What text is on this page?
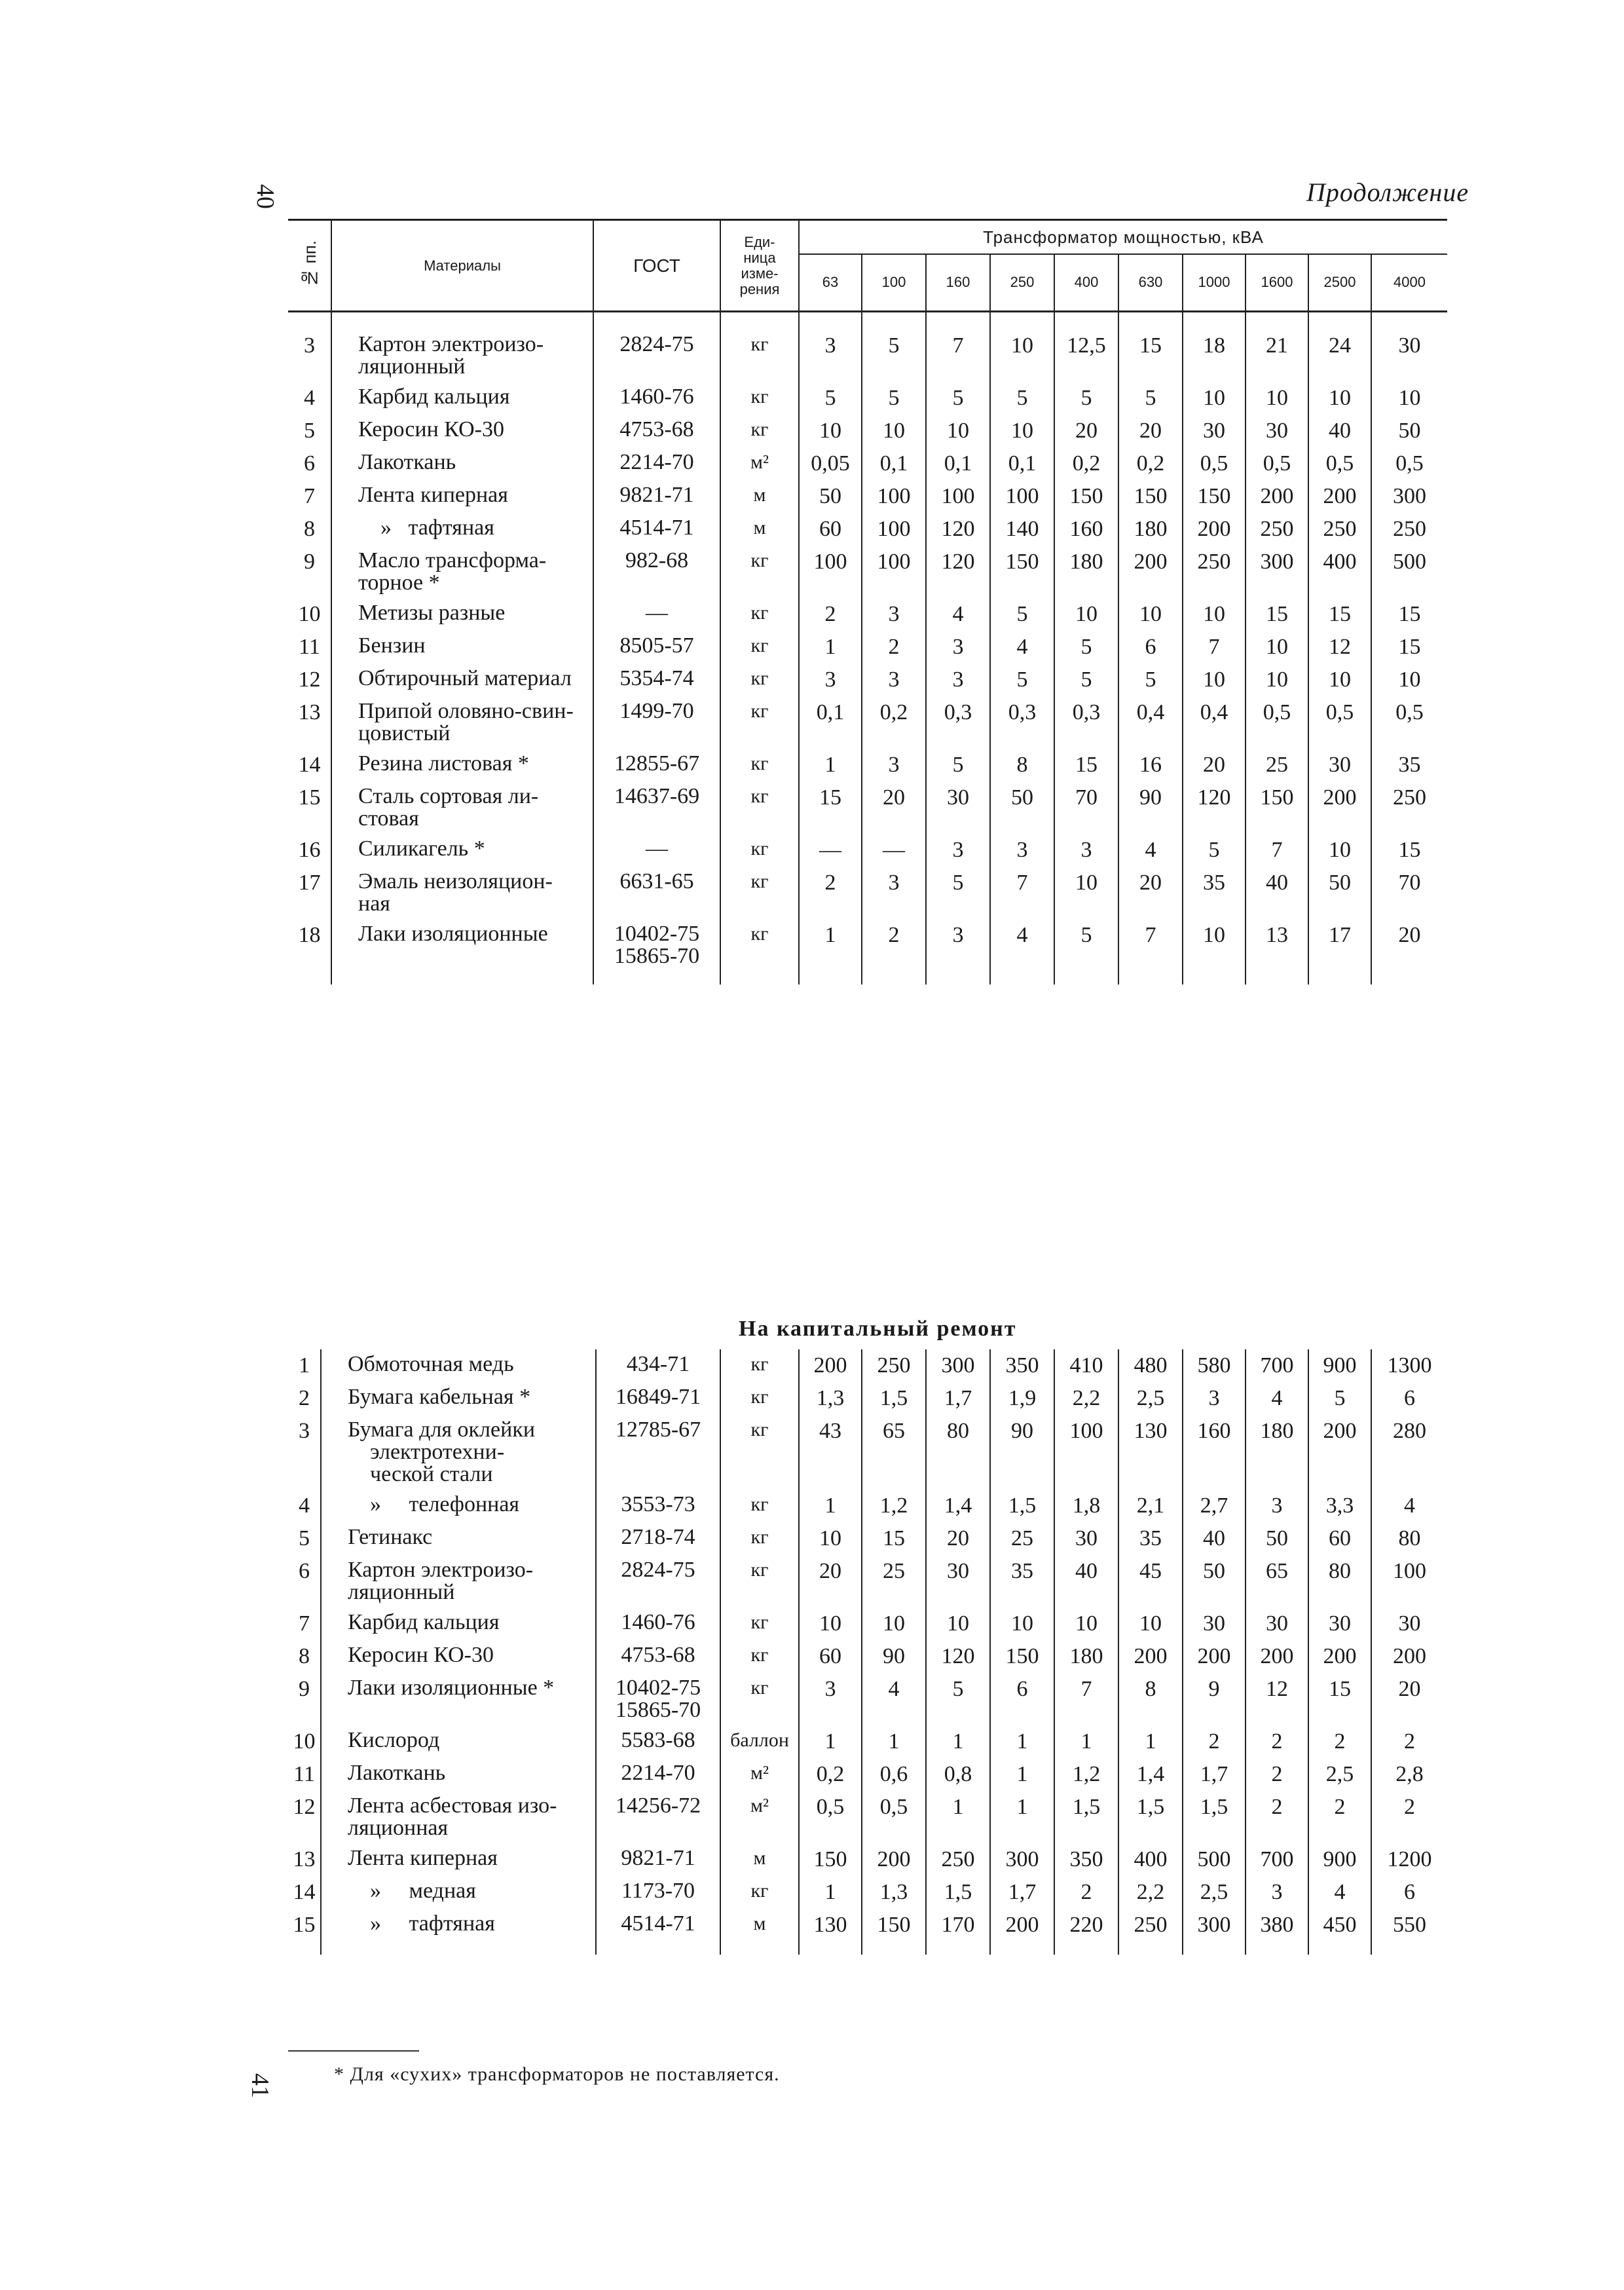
40	Продолжение
№ пп.	Материалы	ГОСТ	Еди-
ница
изме-
рения	Трансформатор мощностью, кВА									
				63	100	160	250	400	630	1000	1600	2500	4000

3	Картон электроизо-
ляционный	2824-75	кг	3	5	7	10	12,5	15	18	21	24	30
4	Карбид кальция	1460-76	кг	5	5	5	5	5	5	10	10	10	10
5	Керосин КО-30	4753-68	кг	10	10	10	10	20	20	30	30	40	50
6	Лакоткань	2214-70	м²	0,05	0,1	0,1	0,1	0,2	0,2	0,5	0,5	0,5	0,5
7	Лента киперная	9821-71	м	50	100	100	100	150	150	150	200	200	300
8	»   тафтяная	4514-71	м	60	100	120	140	160	180	200	250	250	250
9	Масло трансформа-
торное *	982-68	кг	100	100	120	150	180	200	250	300	400	500
10	Метизы разные	—	кг	2	3	4	5	10	10	10	15	15	15
11	Бензин	8505-57	кг	1	2	3	4	5	6	7	10	12	15
12	Обтирочный материал	5354-74	кг	3	3	3	5	5	5	10	10	10	10
13	Припой оловяно-свин-
цовистый	1499-70	кг	0,1	0,2	0,3	0,3	0,3	0,4	0,4	0,5	0,5	0,5
14	Резина листовая *	12855-67	кг	1	3	5	8	15	16	20	25	30	35
15	Сталь сортовая ли-
стовая	14637-69	кг	15	20	30	50	70	90	120	150	200	250
16	Силикагель *	—	кг	—	—	3	3	3	4	5	7	10	15
17	Эмаль неизоляцион-
ная	6631-65	кг	2	3	5	7	10	20	35	40	50	70
18	Лаки изоляционные	10402-75
15865-70	кг	1	2	3	4	5	7	10	13	17	20

На капитальный ремонт
1	Обмоточная медь	434-71	кг	200	250	300	350	410	480	580	700	900	1300
2	Бумага кабельная *	16849-71	кг	1,3	1,5	1,7	1,9	2,2	2,5	3	4	5	6
3	Бумага для оклейки
электротехни-
ческой стали	12785-67	кг	43	65	80	90	100	130	160	180	200	280
4	»     телефонная	3553-73	кг	1	1,2	1,4	1,5	1,8	2,1	2,7	3	3,3	4
5	Гетинакс	2718-74	кг	10	15	20	25	30	35	40	50	60	80
6	Картон электроизо-
ляционный	2824-75	кг	20	25	30	35	40	45	50	65	80	100
7	Карбид кальция	1460-76	кг	10	10	10	10	10	10	30	30	30	30
8	Керосин КО-30	4753-68	кг	60	90	120	150	180	200	200	200	200	200
9	Лаки изоляционные *	10402-75
15865-70	кг	3	4	5	6	7	8	9	12	15	20
10	Кислород	5583-68	баллон	1	1	1	1	1	1	2	2	2	2
11	Лакоткань	2214-70	м²	0,2	0,6	0,8	1	1,2	1,4	1,7	2	2,5	2,8
12	Лента асбестовая изо-
ляционная	14256-72	м²	0,5	0,5	1	1	1,5	1,5	1,5	2	2	2
13	Лента киперная	9821-71	м	150	200	250	300	350	400	500	700	900	1200
14	»     медная	1173-70	кг	1	1,3	1,5	1,7	2	2,2	2,5	3	4	6
15	»     тафтяная	4514-71	м	130	150	170	200	220	250	300	380	450	550

* Для «сухих» трансформаторов не поставляется.
41
